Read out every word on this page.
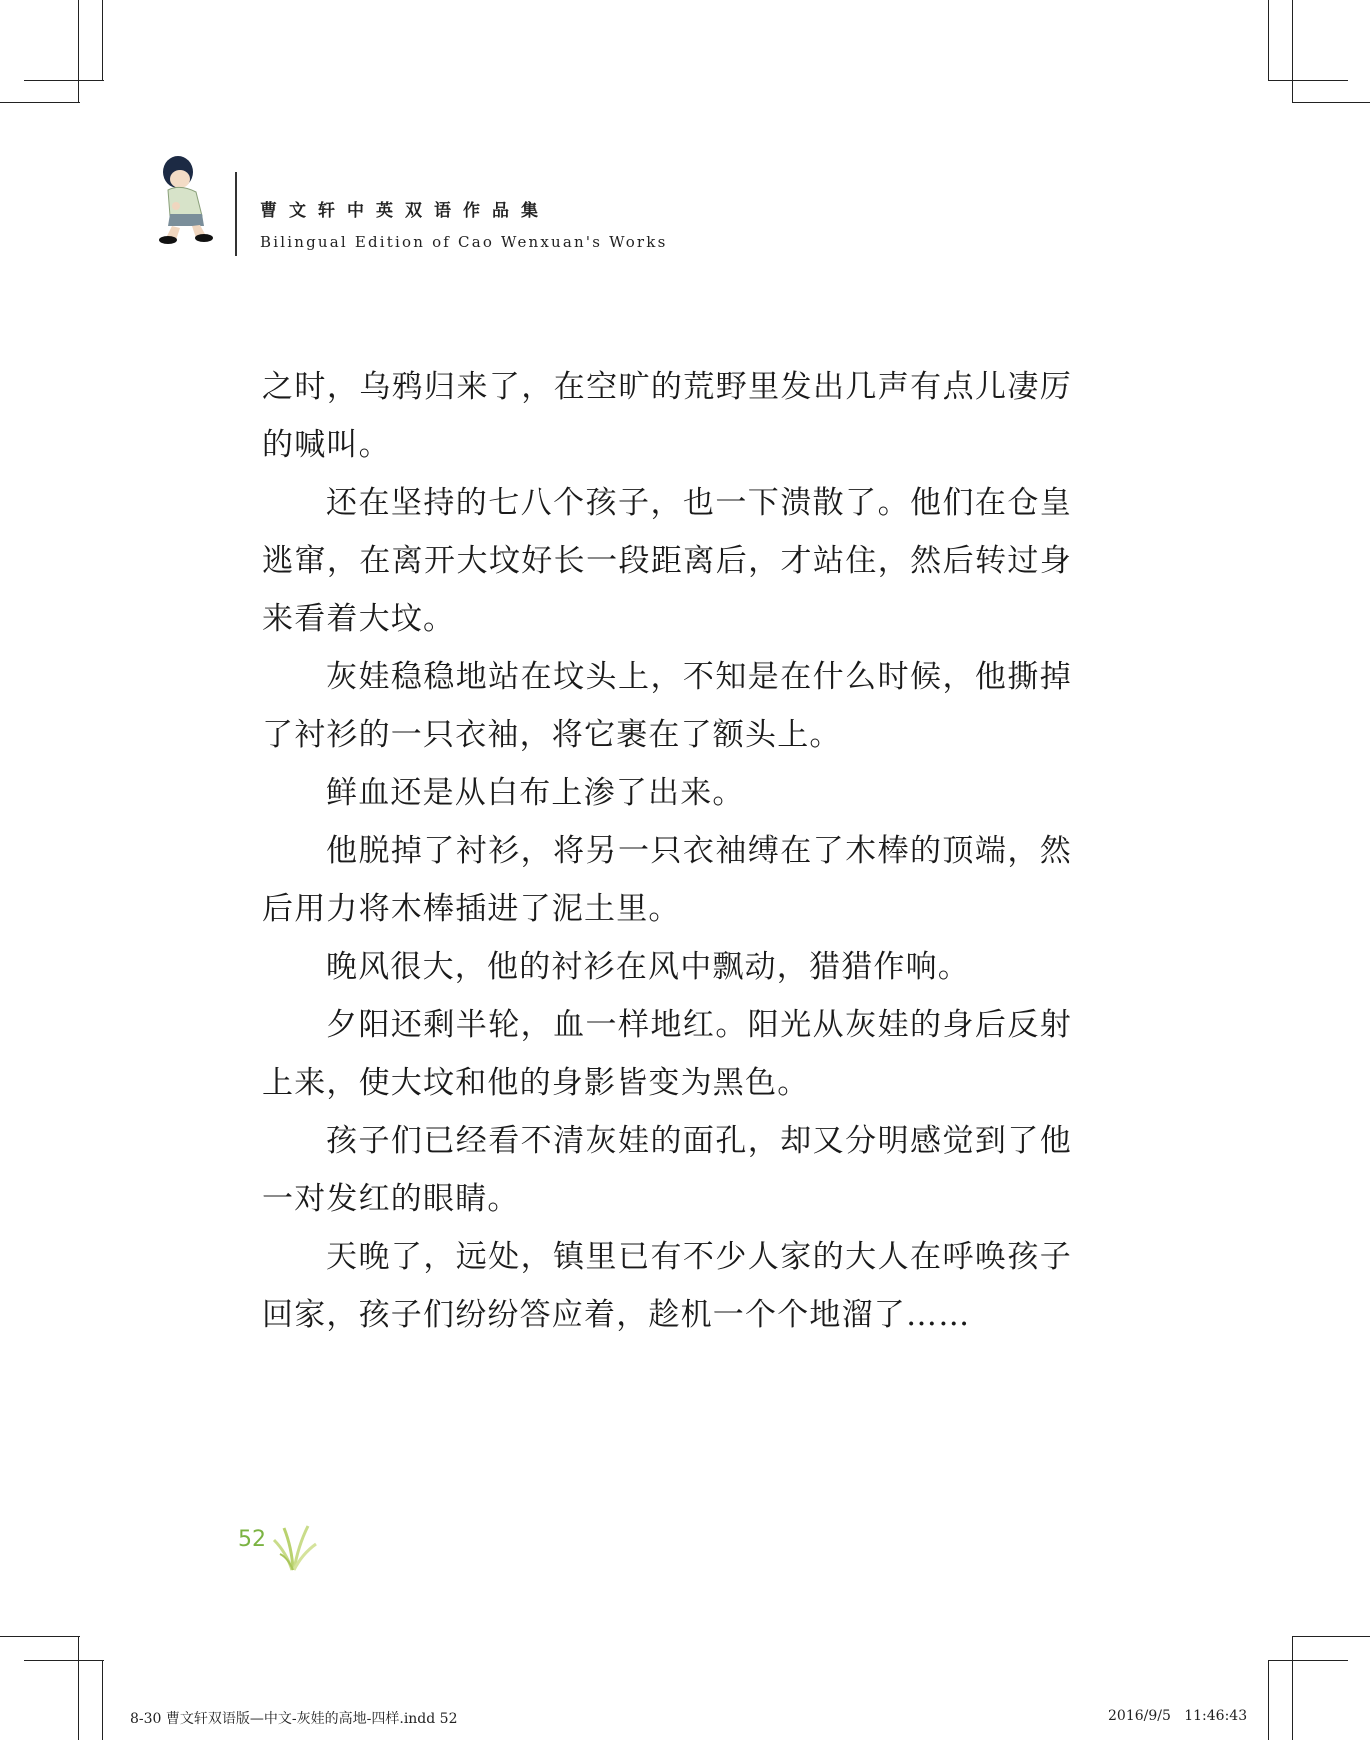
曹文轩中英双语作品集
Bilingual Edition of Cao Wenxuan's Works

之时，乌鸦归来了，在空旷的荒野里发出几声有点儿凄厉的喊叫。

还在坚持的七八个孩子，也一下溃散了。他们在仓皇逃窜，在离开大坟好长一段距离后，才站住，然后转过身来看着大坟。

灰娃稳稳地站在坟头上，不知是在什么时候，他撕掉了衬衫的一只衣袖，将它裹在了额头上。

鲜血还是从白布上渗了出来。

他脱掉了衬衫，将另一只衣袖缚在了木棒的顶端，然后用力将木棒插进了泥土里。

晚风很大，他的衬衫在风中飘动，猎猎作响。

夕阳还剩半轮，血一样地红。阳光从灰娃的身后反射上来，使大坟和他的身影皆变为黑色。

孩子们已经看不清灰娃的面孔，却又分明感觉到了他一对发红的眼睛。

天晚了，远处，镇里已有不少人家的大人在呼唤孩子回家，孩子们纷纷答应着，趁机一个个地溜了……

52
8-30 曹文轩双语版—中文-灰娃的高地-四样.indd 52	2016/9/5   11:46:43
